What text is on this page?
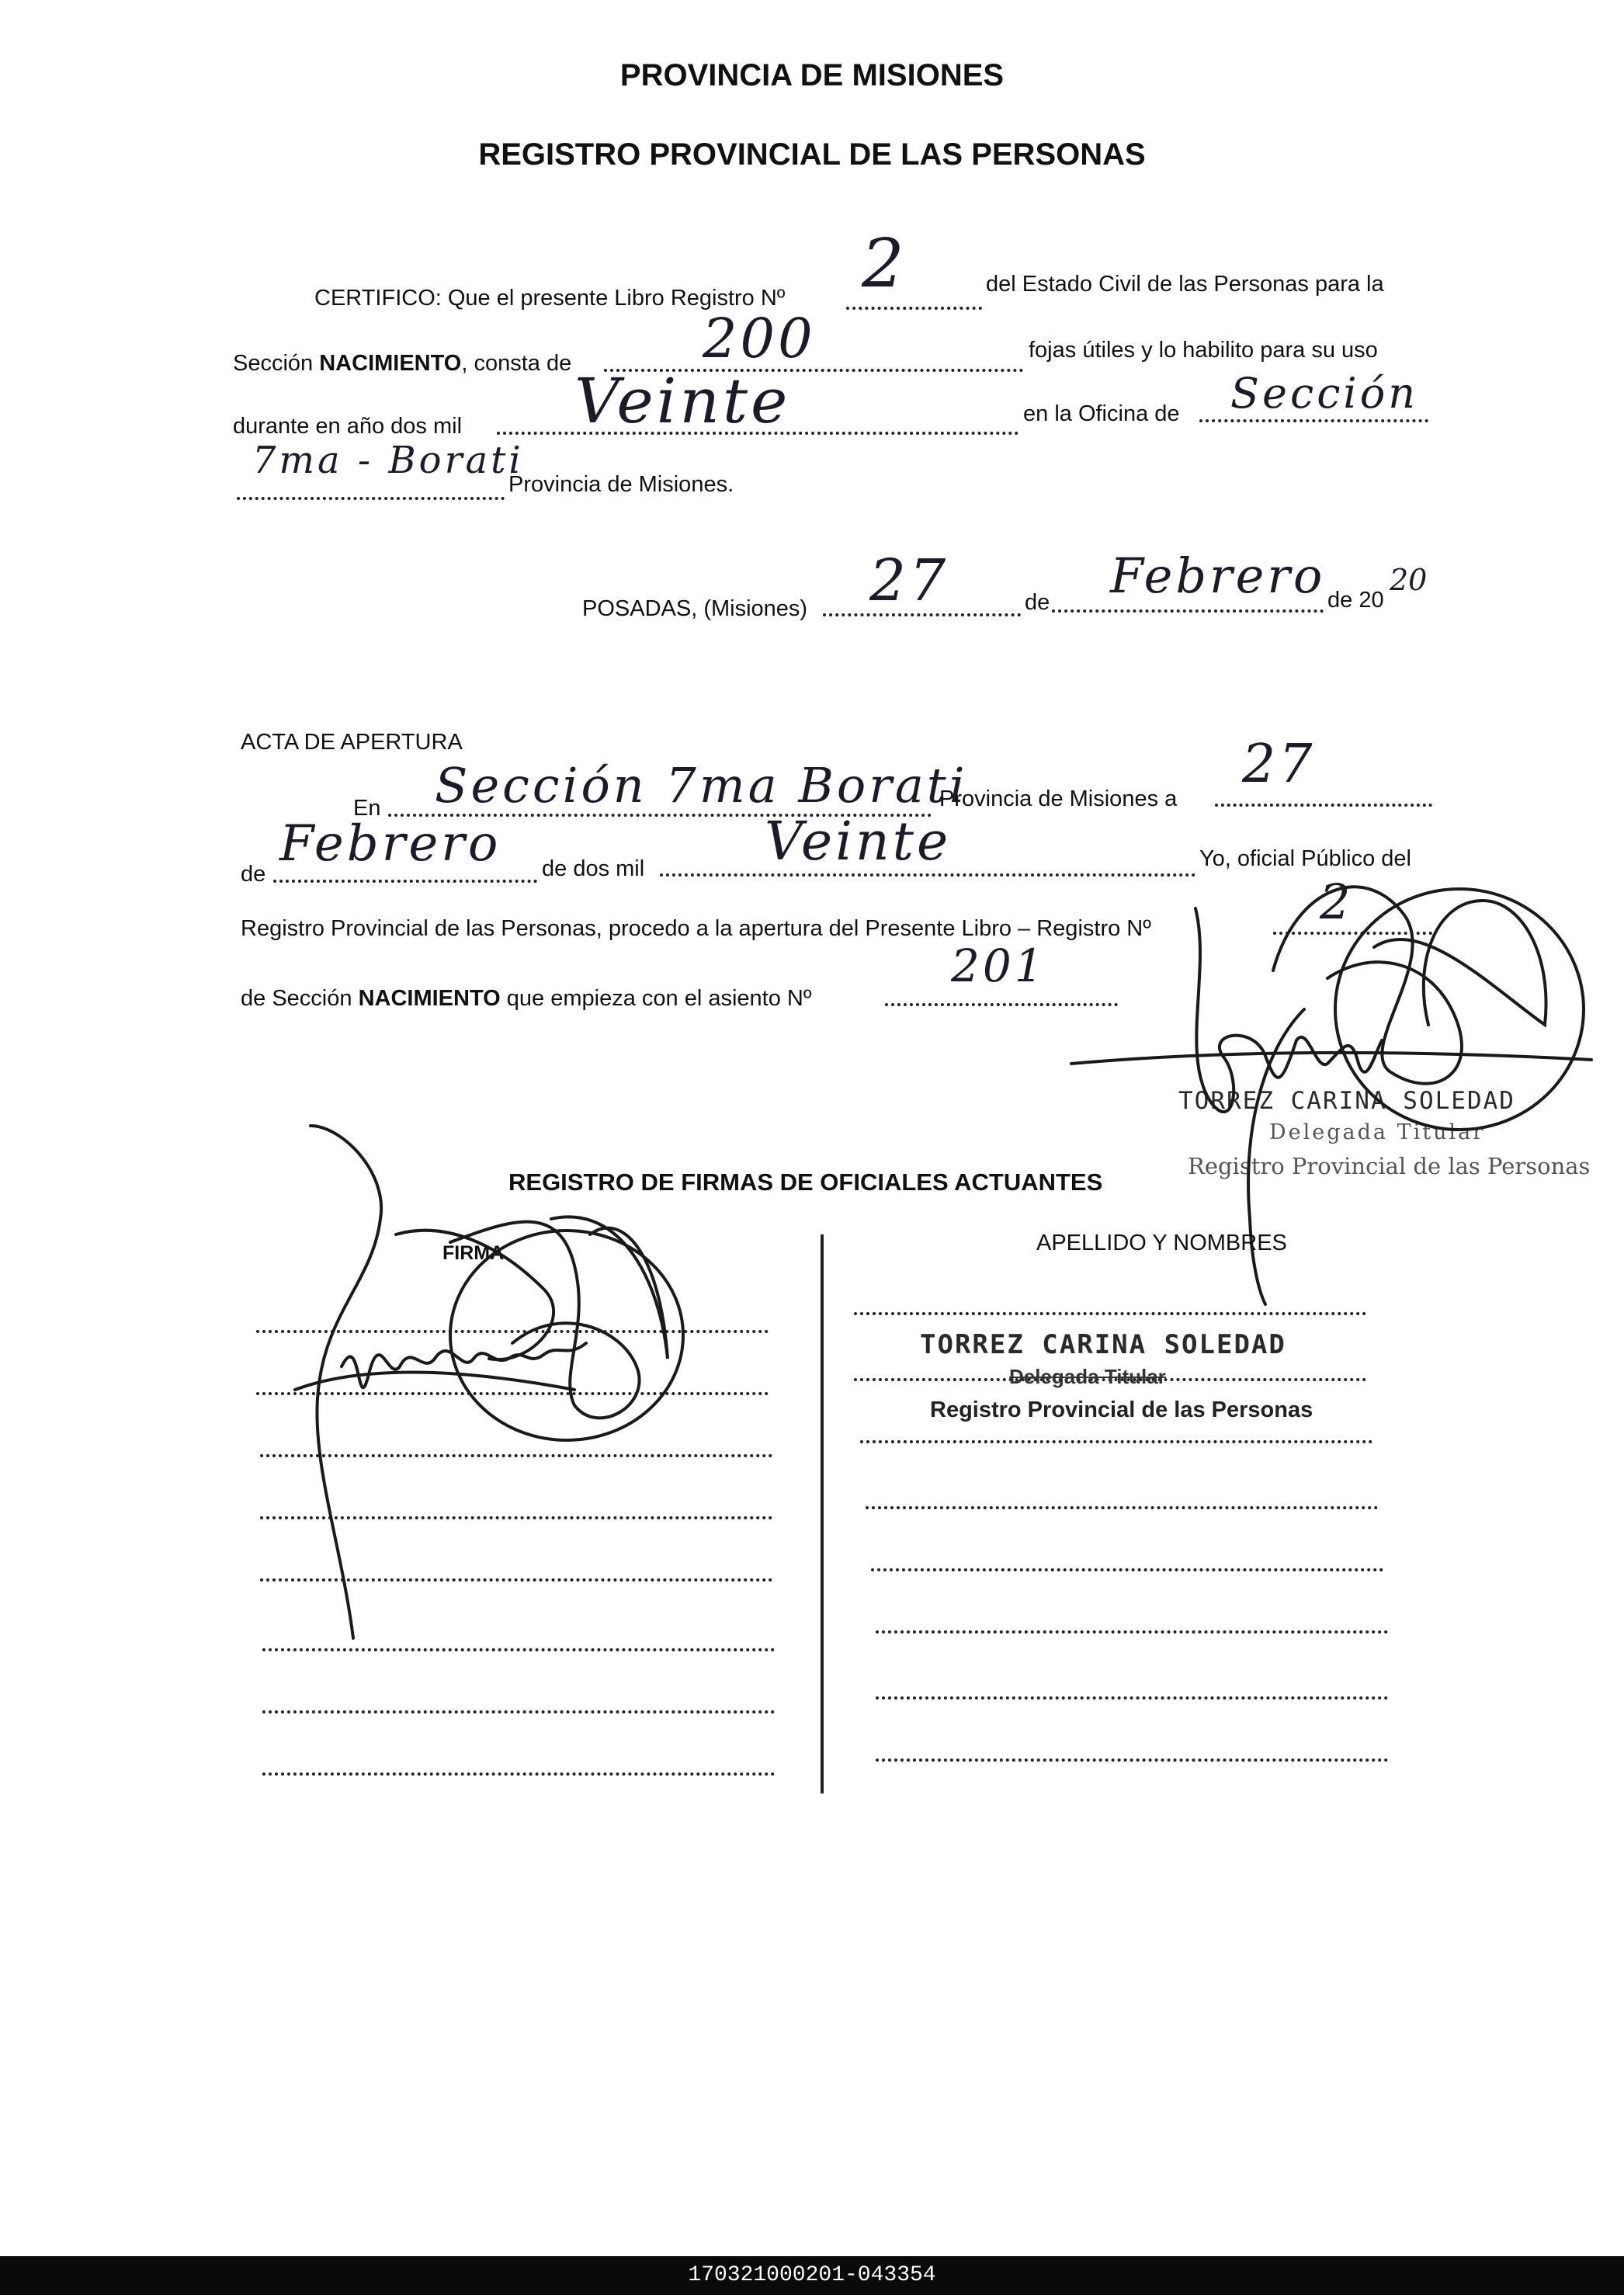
PROVINCIA DE MISIONES
REGISTRO PROVINCIAL DE LAS PERSONAS
CERTIFICO: Que el presente Libro Registro Nº 2	del Estado Civil de las Personas para la
Sección NACIMIENTO, consta de 200	fojas útiles y lo habilito para su uso
durante en año dos mil Veinte	en la Oficina de Sección
7ma - Borati
Provincia de Misiones.
POSADAS, (Misiones) 27	de Febrero de 20
20
ACTA DE APERTURA
En Sección 7ma Borati
Provincia de Misiones a
27
de
Febrero de dos mil Veinte	Yo, oficial Público del
Registro Provincial de las Personas, procedo a la apertura del Presente Libro – Registro Nº	2
de Sección NACIMIENTO que empieza con el asiento Nº
201
TORREZ CARINA SOLEDAD
Delegada Titular
Registro Provincial de las Personas
REGISTRO DE FIRMAS DE OFICIALES ACTUANTES
FIRMA	APELLIDO Y NOMBRES
TORREZ CARINA SOLEDAD
Delegada Titular
Registro Provincial de las Personas
170321000201-043354
